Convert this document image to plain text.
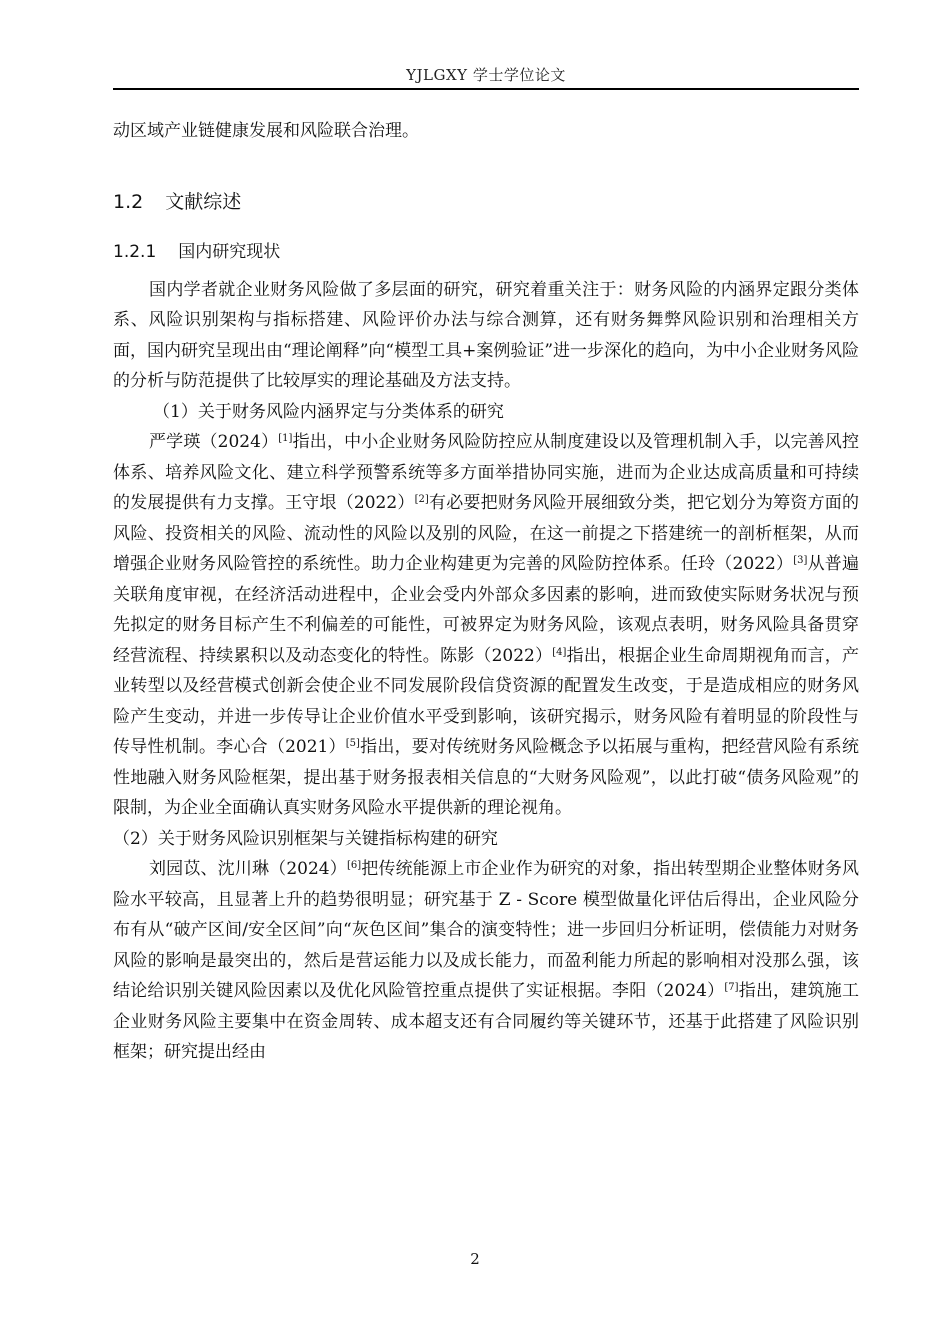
YJLGXY 学士学位论文

动区域产业链健康发展和风险联合治理。

1.2 文献综述
1.2.1 国内研究现状

国内学者就企业财务风险做了多层面的研究，研究着重关注于：财务风险的内涵界定跟分类体系、风险识别架构与指标搭建、风险评价办法与综合测算，还有财务舞弊风险识别和治理相关方面，国内研究呈现出由“理论阐释”向“模型工具+案例验证”进一步深化的趋向，为中小企业财务风险的分析与防范提供了比较厚实的理论基础及方法支持。

（1）关于财务风险内涵界定与分类体系的研究

严学瑛（2024）[1]指出，中小企业财务风险防控应从制度建设以及管理机制入手，以完善风控体系、培养风险文化、建立科学预警系统等多方面举措协同实施，进而为企业达成高质量和可持续的发展提供有力支撑。王守垠（2022）[2]有必要把财务风险开展细致分类，把它划分为筹资方面的风险、投资相关的风险、流动性的风险以及别的风险，在这一前提之下搭建统一的剖析框架，从而增强企业财务风险管控的系统性。助力企业构建更为完善的风险防控体系。任玲（2022）[3]从普遍关联角度审视，在经济活动进程中，企业会受内外部众多因素的影响，进而致使实际财务状况与预先拟定的财务目标产生不利偏差的可能性，可被界定为财务风险，该观点表明，财务风险具备贯穿经营流程、持续累积以及动态变化的特性。陈影（2022）[4]指出，根据企业生命周期视角而言，产业转型以及经营模式创新会使企业不同发展阶段信贷资源的配置发生改变，于是造成相应的财务风险产生变动，并进一步传导让企业价值水平受到影响，该研究揭示，财务风险有着明显的阶段性与传导性机制。李心合（2021）[5]指出，要对传统财务风险概念予以拓展与重构，把经营风险有系统性地融入财务风险框架，提出基于财务报表相关信息的“大财务风险观”，以此打破“债务风险观”的限制，为企业全面确认真实财务风险水平提供新的理论视角。

（2）关于财务风险识别框架与关键指标构建的研究

刘园苡、沈川琳（2024）[6]把传统能源上市企业作为研究的对象，指出转型期企业整体财务风险水平较高，且显著上升的趋势很明显；研究基于 Z - Score 模型做量化评估后得出，企业风险分布有从“破产区间/安全区间”向“灰色区间”集合的演变特性；进一步回归分析证明，偿债能力对财务风险的影响是最突出的，然后是营运能力以及成长能力，而盈利能力所起的影响相对没那么强，该结论给识别关键风险因素以及优化风险管控重点提供了实证根据。李阳（2024）[7]指出，建筑施工企业财务风险主要集中在资金周转、成本超支还有合同履约等关键环节，还基于此搭建了风险识别框架；研究提出经由

2
